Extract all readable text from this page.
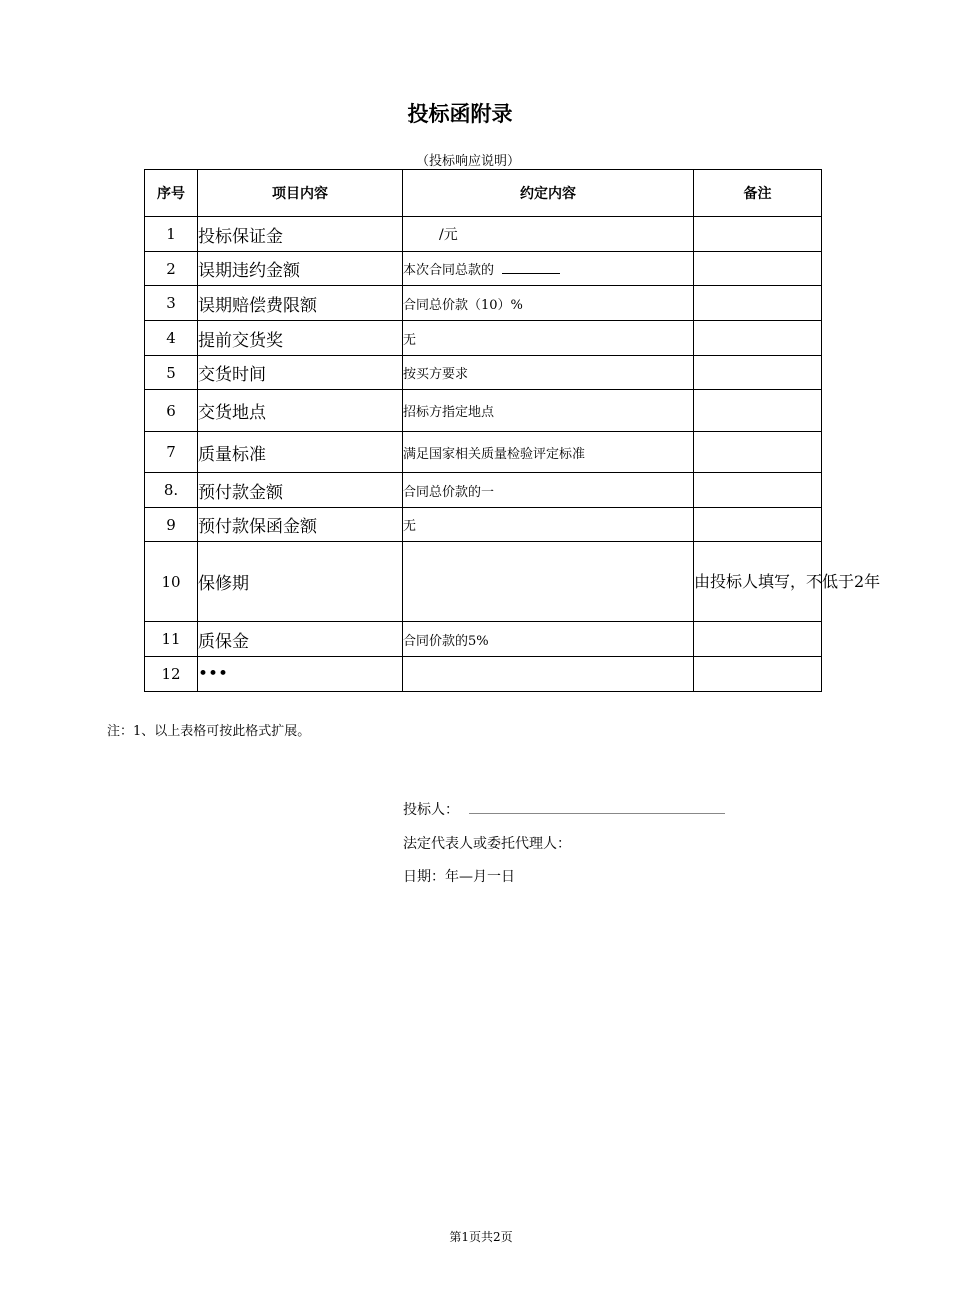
投标函附录
（投标响应说明）
序号	项目内容	约定内容	备注
1	投标保证金	/元	
2	误期违约金额	本次合同总款的	
3	误期赔偿费限额	合同总价款（10）%	
4	提前交货奖	无	
5	交货时间	按买方要求	
6	交货地点	招标方指定地点	
7	质量标准	满足国家相关质量检验评定标准	
8.	预付款金额	合同总价款的一	
9	预付款保函金额	无	
10	保修期		由投标人填写，不低于2年
11	质保金	合同价款的5%	
12	•••		
注：1、以上表格可按此格式扩展。
投标人：
法定代表人或委托代理人：
日期：年—月一日
第1页共2页
